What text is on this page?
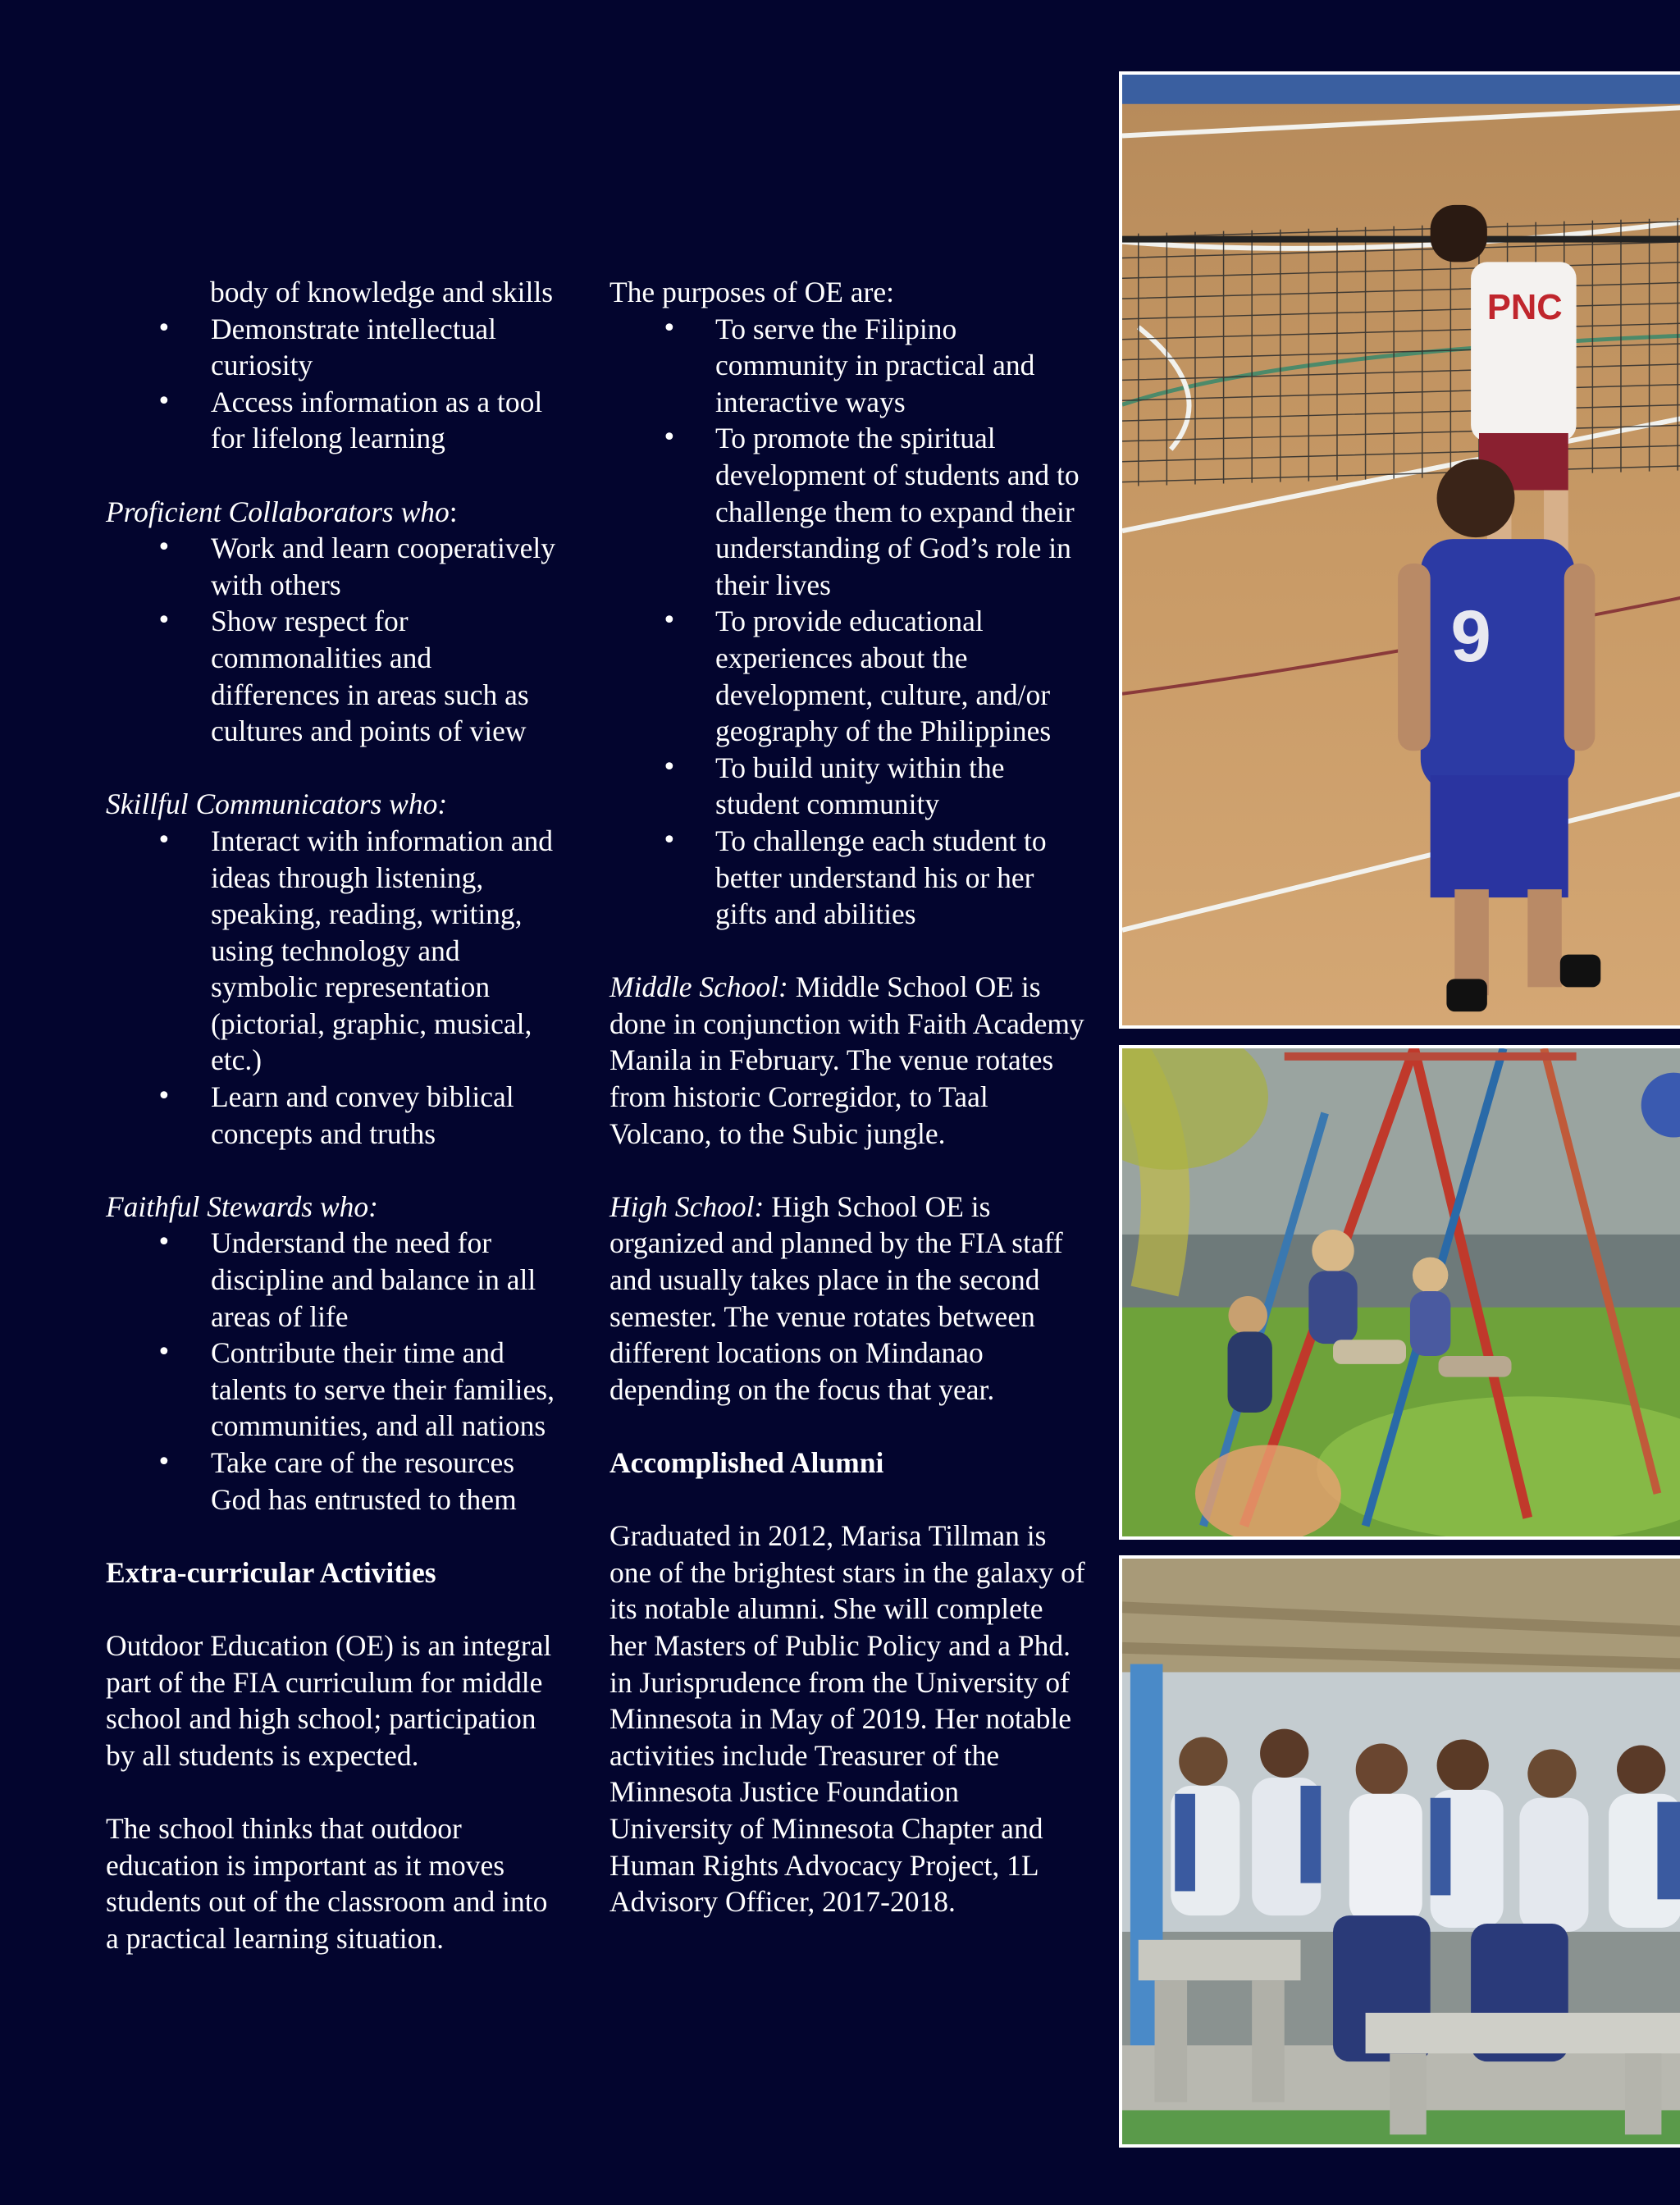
body of knowledge and skills

• Demonstrate intellectual curiosity
• Access information as a tool for lifelong learning

Proficient Collaborators who:

• Work and learn cooperatively with others
• Show respect for commonalities and differences in areas such as cultures and points of view

Skillful Communicators who:

• Interact with information and ideas through listening, speaking, reading, writing, using technology and symbolic representation (pictorial, graphic, musical, etc.)
• Learn and convey biblical concepts and truths

Faithful Stewards who:

• Understand the need for discipline and balance in all areas of life
• Contribute their time and talents to serve their families, communities, and all nations
• Take care of the resources God has entrusted to them

Extra-curricular Activities

Outdoor Education (OE) is an integral part of the FIA curriculum for middle school and high school; participation by all students is expected.

The school thinks that outdoor education is important as it moves students out of the classroom and into a practical learning situation.

The purposes of OE are:

• To serve the Filipino community in practical and interactive ways
• To promote the spiritual development of students and to challenge them to expand their understanding of God’s role in their lives
• To provide educational experiences about the development, culture, and/or geography of the Philippines
• To build unity within the student community
• To challenge each student to better understand his or her gifts and abilities

Middle School: Middle School OE is done in conjunction with Faith Academy Manila in February. The venue rotates from historic Corregidor, to Taal Volcano, to the Subic jungle.

High School: High School OE is organized and planned by the FIA staff and usually takes place in the second semester. The venue rotates between different locations on Mindanao depending on the focus that year.

Accomplished Alumni

Graduated in 2012, Marisa Tillman is one of the brightest stars in the galaxy of its notable alumni. She will complete her Masters of Public Policy and a Phd. in Jurisprudence from the University of Minnesota in May of 2019. Her notable activities include Treasurer of the Minnesota Justice Foundation University of Minnesota Chapter and Human Rights Advocacy Project, 1L Advisory Officer, 2017-2018.

PNC
9
